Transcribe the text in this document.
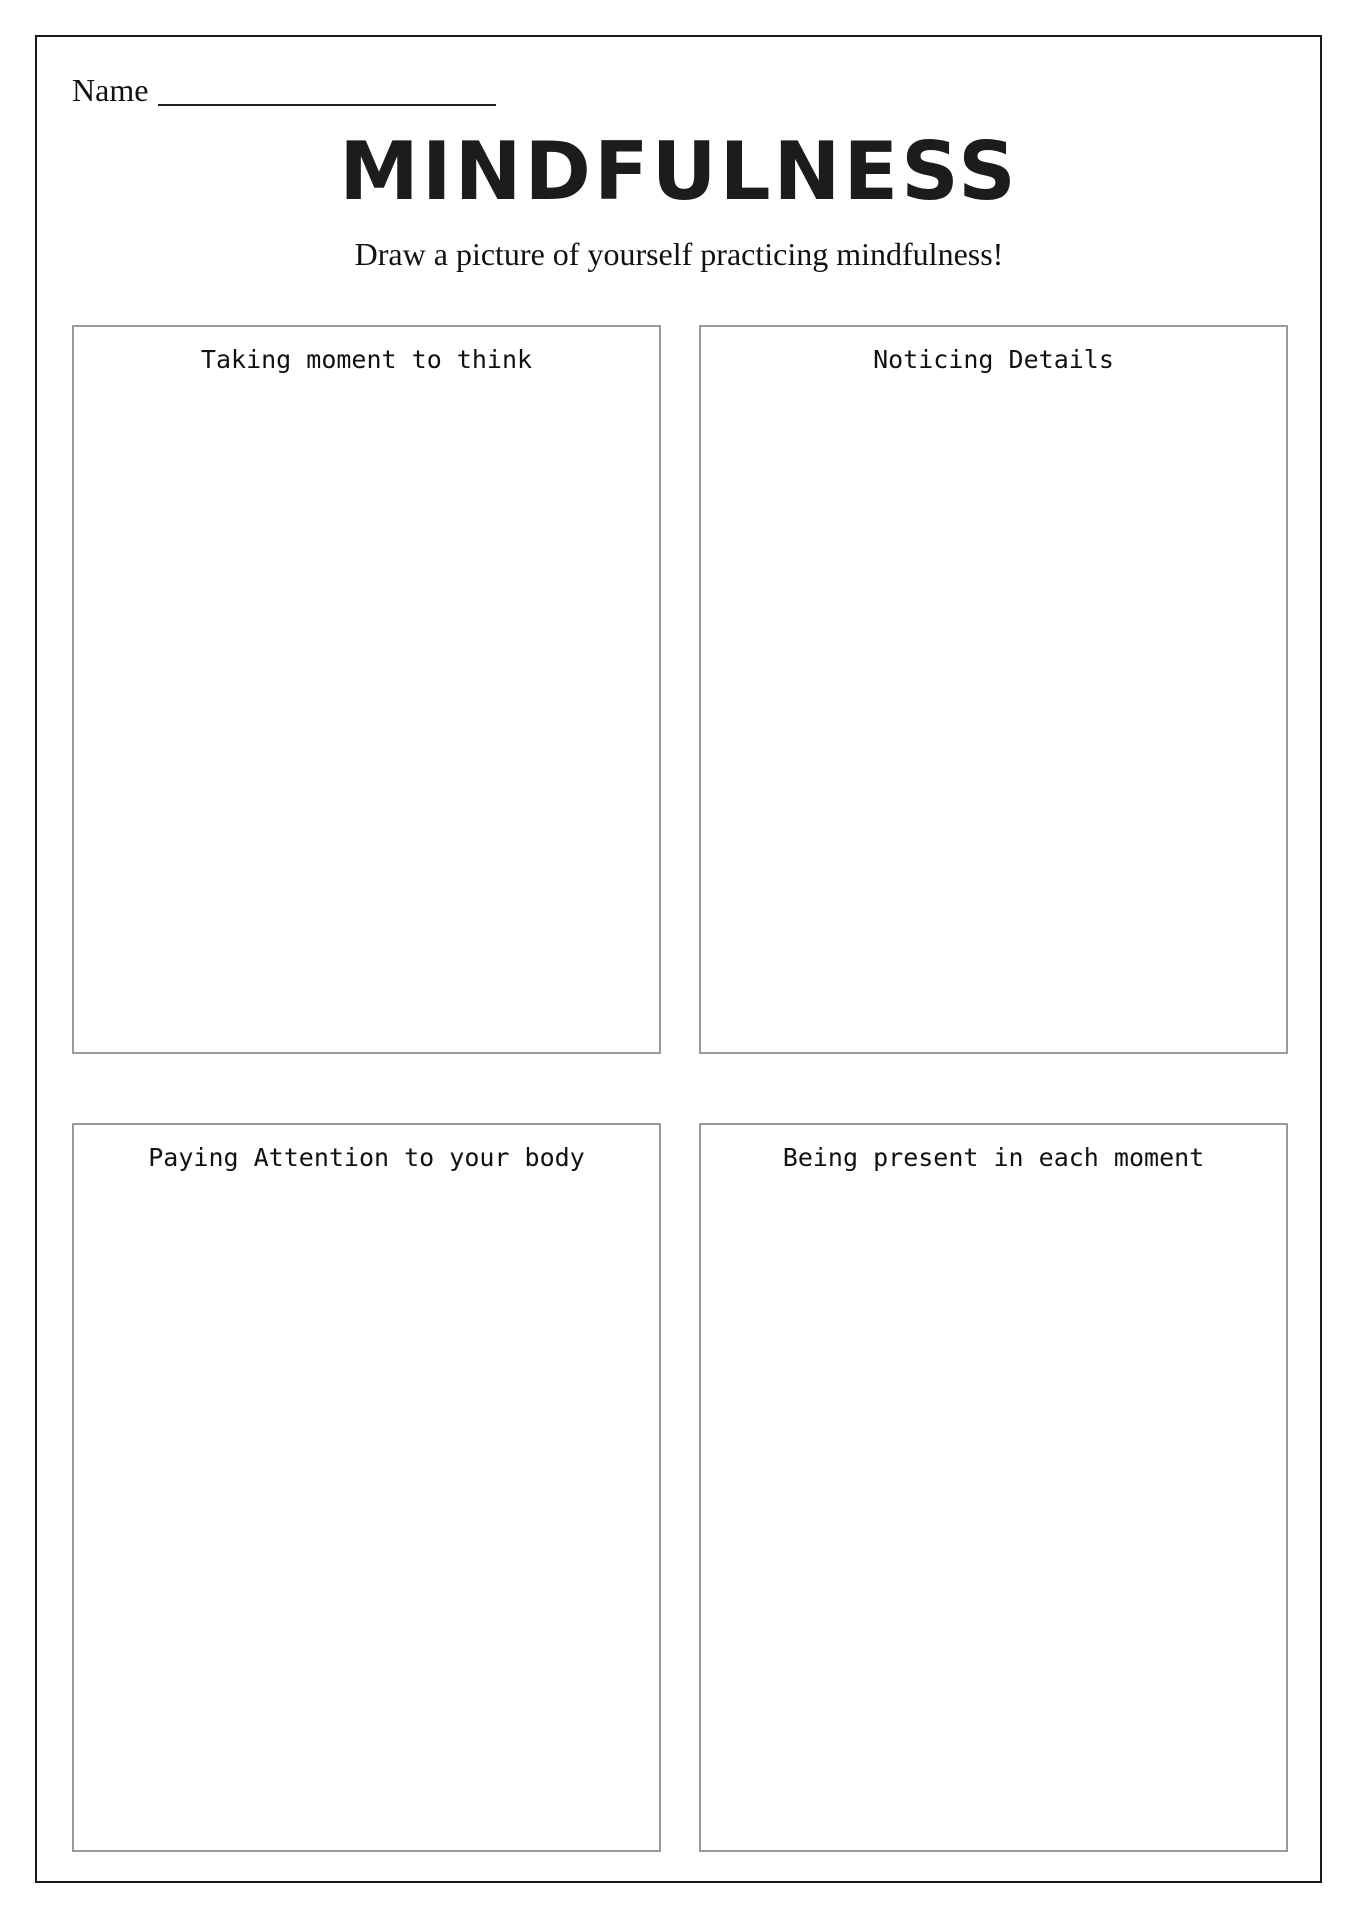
Name
MINDFULNESS
Draw a picture of yourself practicing mindfulness!
Taking moment to think	Noticing Details
Paying Attention to your body	Being present in each moment
